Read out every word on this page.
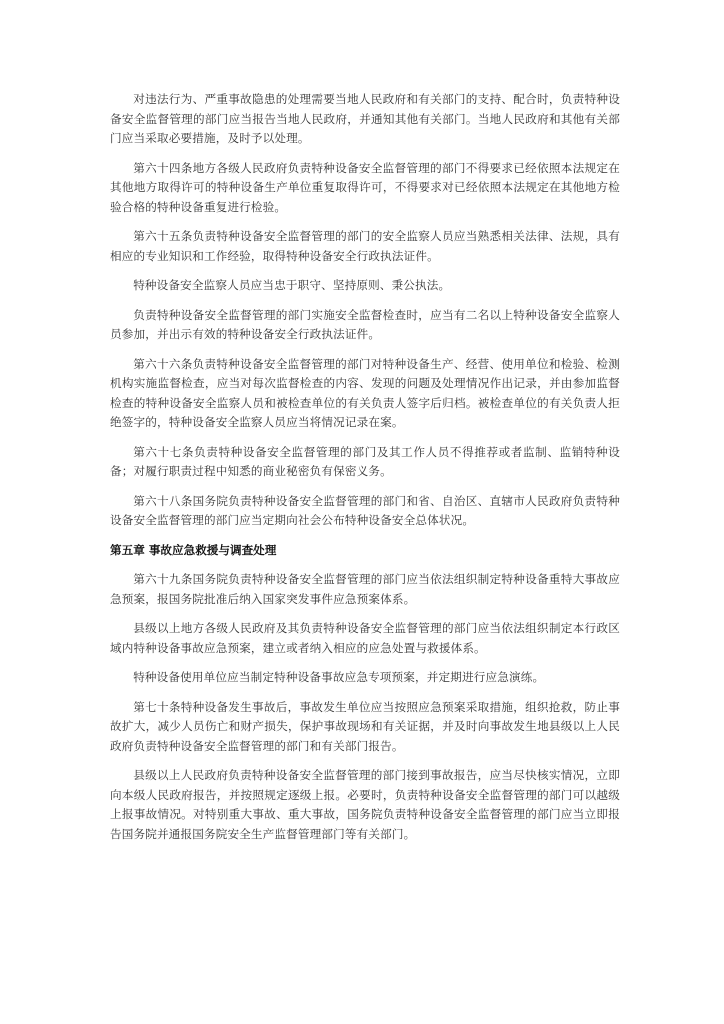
对违法行为、严重事故隐患的处理需要当地人民政府和有关部门的支持、配合时，负责特种设备安全监督管理的部门应当报告当地人民政府，并通知其他有关部门。当地人民政府和其他有关部门应当采取必要措施，及时予以处理。

第六十四条地方各级人民政府负责特种设备安全监督管理的部门不得要求已经依照本法规定在其他地方取得许可的特种设备生产单位重复取得许可，不得要求对已经依照本法规定在其他地方检验合格的特种设备重复进行检验。

第六十五条负责特种设备安全监督管理的部门的安全监察人员应当熟悉相关法律、法规，具有相应的专业知识和工作经验，取得特种设备安全行政执法证件。

特种设备安全监察人员应当忠于职守、坚持原则、秉公执法。

负责特种设备安全监督管理的部门实施安全监督检查时，应当有二名以上特种设备安全监察人员参加，并出示有效的特种设备安全行政执法证件。

第六十六条负责特种设备安全监督管理的部门对特种设备生产、经营、使用单位和检验、检测机构实施监督检查，应当对每次监督检查的内容、发现的问题及处理情况作出记录，并由参加监督检查的特种设备安全监察人员和被检查单位的有关负责人签字后归档。被检查单位的有关负责人拒绝签字的，特种设备安全监察人员应当将情况记录在案。

第六十七条负责特种设备安全监督管理的部门及其工作人员不得推荐或者监制、监销特种设备；对履行职责过程中知悉的商业秘密负有保密义务。

第六十八条国务院负责特种设备安全监督管理的部门和省、自治区、直辖市人民政府负责特种设备安全监督管理的部门应当定期向社会公布特种设备安全总体状况。

第五章 事故应急救援与调查处理

第六十九条国务院负责特种设备安全监督管理的部门应当依法组织制定特种设备重特大事故应急预案，报国务院批准后纳入国家突发事件应急预案体系。

县级以上地方各级人民政府及其负责特种设备安全监督管理的部门应当依法组织制定本行政区域内特种设备事故应急预案，建立或者纳入相应的应急处置与救援体系。

特种设备使用单位应当制定特种设备事故应急专项预案，并定期进行应急演练。

第七十条特种设备发生事故后，事故发生单位应当按照应急预案采取措施，组织抢救，防止事故扩大，减少人员伤亡和财产损失，保护事故现场和有关证据，并及时向事故发生地县级以上人民政府负责特种设备安全监督管理的部门和有关部门报告。

县级以上人民政府负责特种设备安全监督管理的部门接到事故报告，应当尽快核实情况，立即向本级人民政府报告，并按照规定逐级上报。必要时，负责特种设备安全监督管理的部门可以越级上报事故情况。对特别重大事故、重大事故，国务院负责特种设备安全监督管理的部门应当立即报告国务院并通报国务院安全生产监督管理部门等有关部门。
